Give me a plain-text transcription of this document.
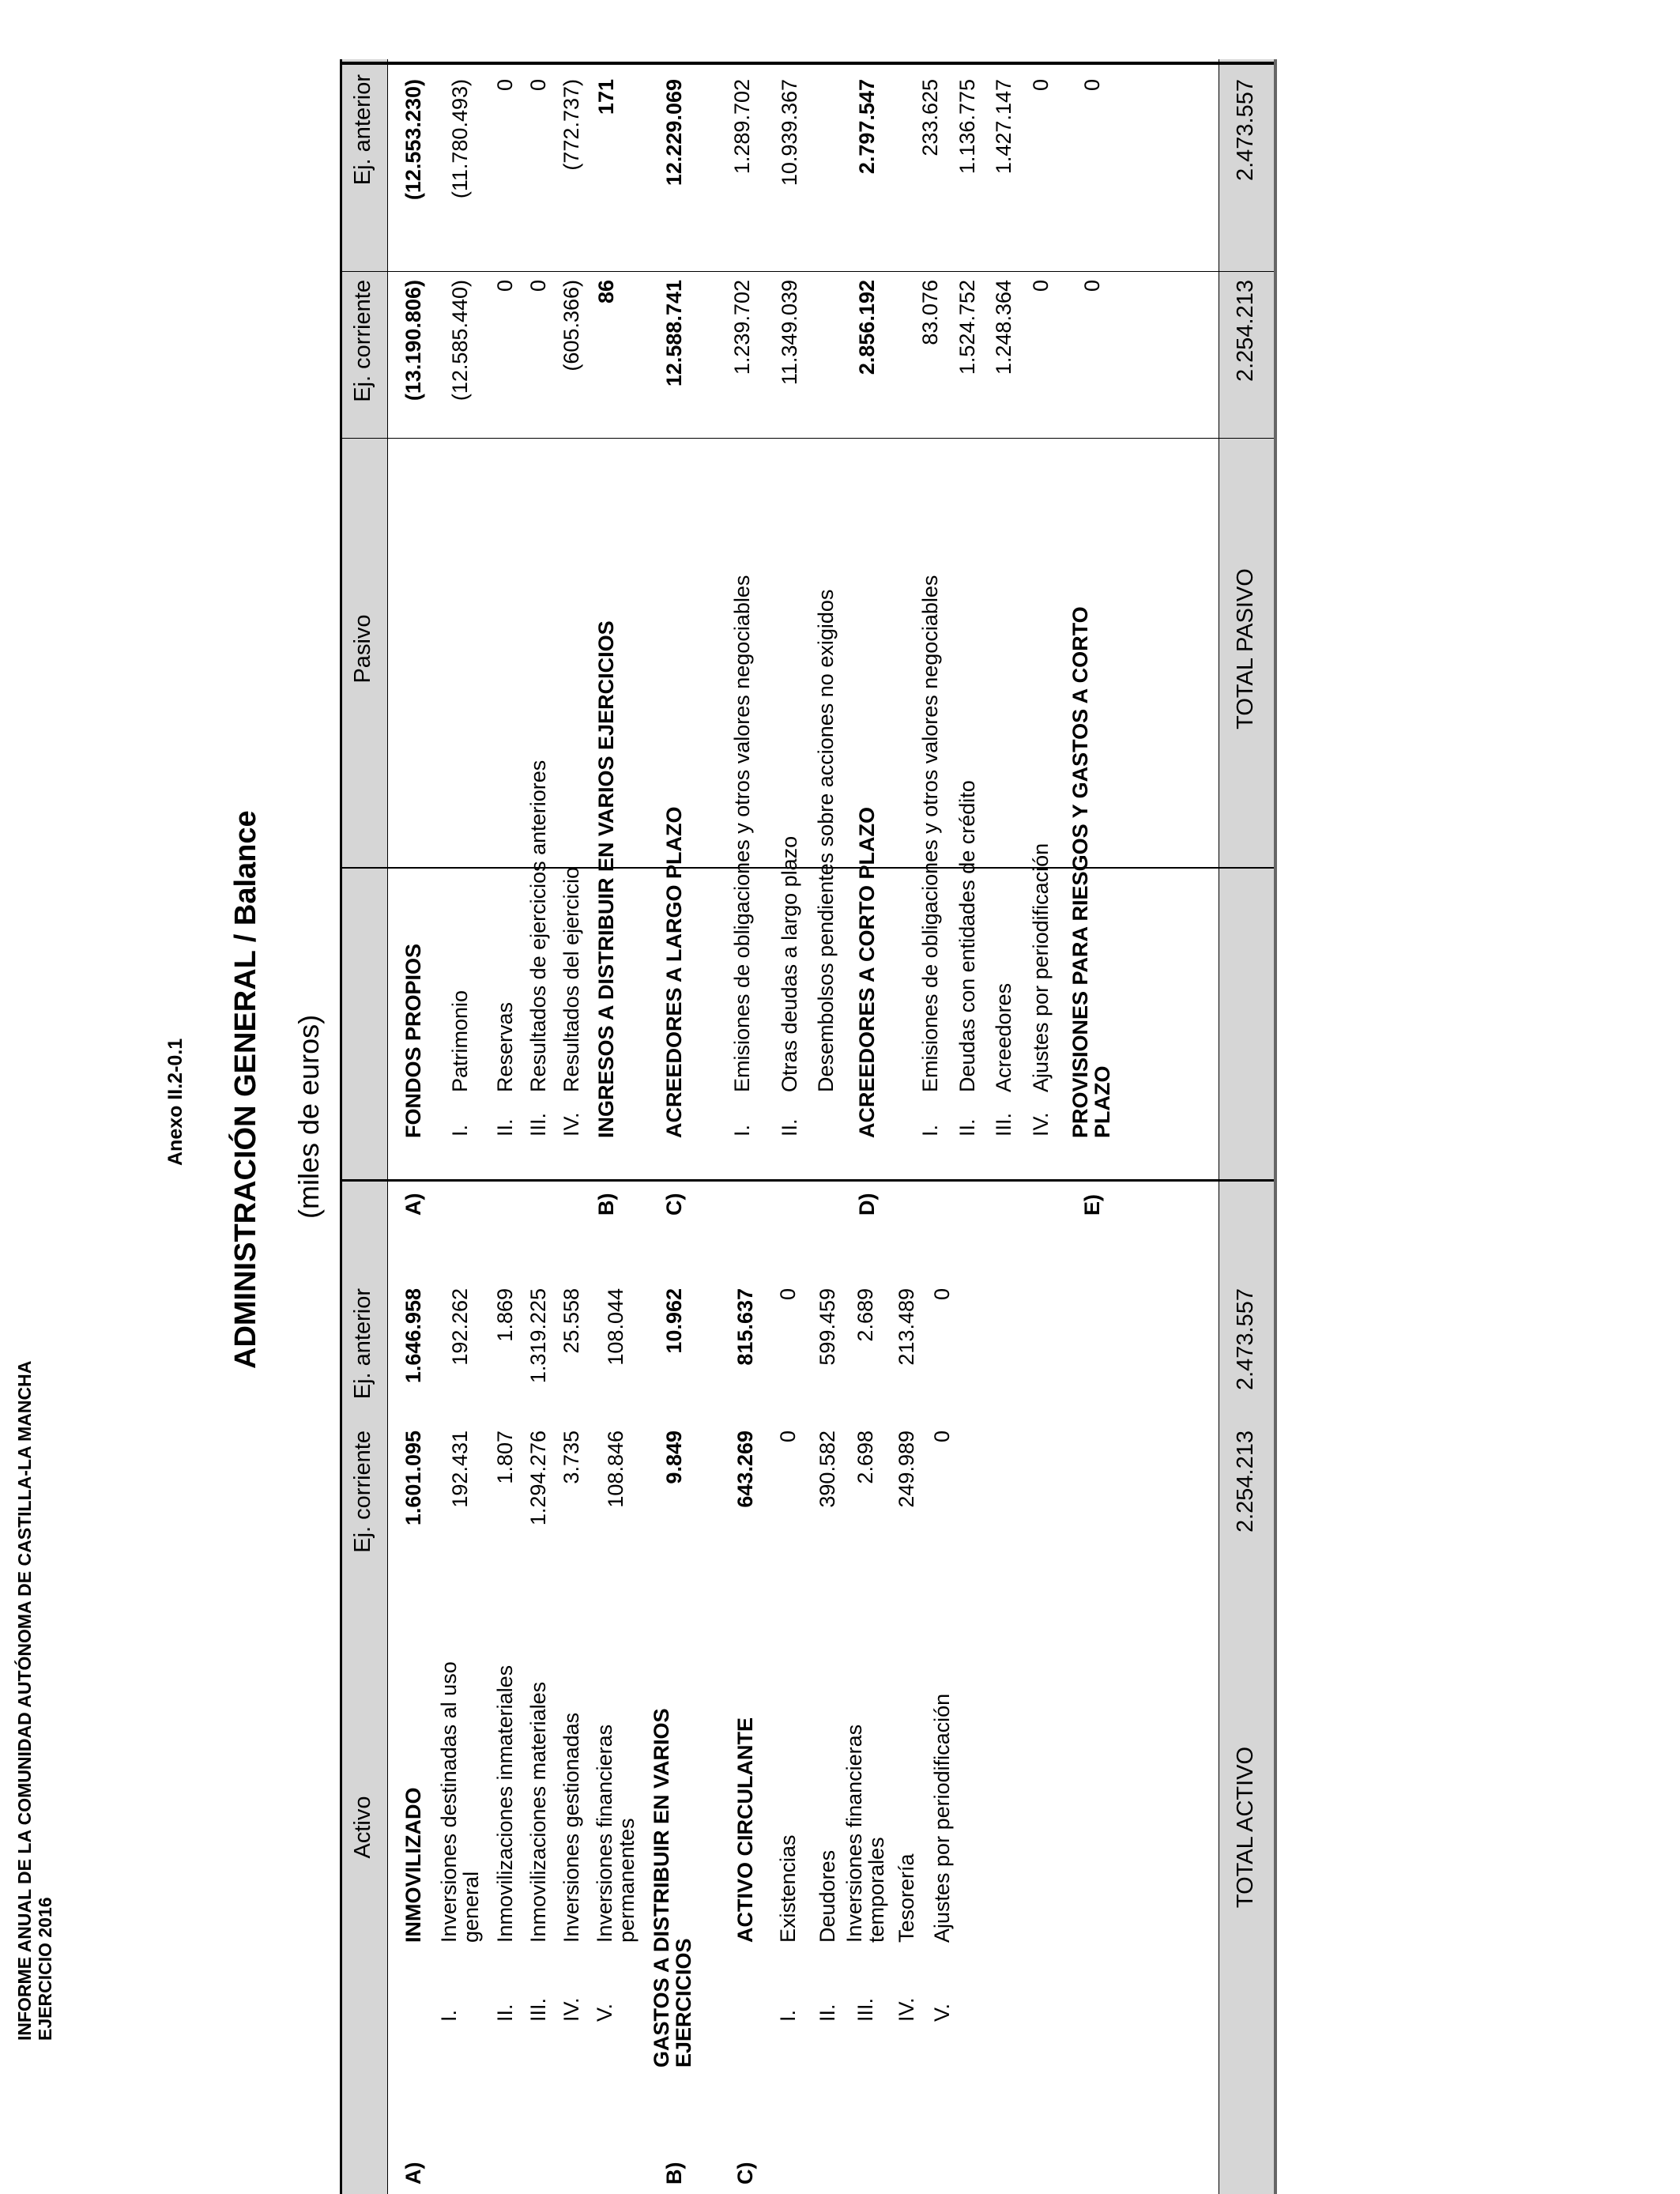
INFORME ANUAL DE LA COMUNIDAD AUTÓNOMA DE CASTILLA-LA MANCHA EJERCICIO 2016
Anexo II.2-0.1 ADMINISTRACIÓN GENERAL / Balance (miles de euros)
Activo
Ej. corriente
Ej. anterior
Pasivo
Ej. corriente
Ej. anterior
A)
INMOVILIZADO
1.601.095
1.646.958
I.
Inversiones destinadas al uso
general
192.431
192.262
II.
Inmovilizaciones inmateriales
1.807
1.869
III.
Inmovilizaciones materiales
1.294.276
1.319.225
IV.
Inversiones gestionadas
3.735
25.558
V.
Inversiones financieras
permanentes
108.846
108.044
B)
GASTOS A DISTRIBUIR EN VARIOS
EJERCICIOS
9.849
10.962
C)
ACTIVO CIRCULANTE
643.269
815.637
I.
Existencias
0
0
II.
Deudores
390.582
599.459
III.
Inversiones financieras
temporales
2.698
2.689
IV.
Tesorería
249.989
213.489
V.
Ajustes por periodificación
0
0
TOTAL ACTIVO
2.254.213
2.473.557
A)
FONDOS PROPIOS
(13.190.806)
(12.553.230)
I.
Patrimonio
(12.585.440)
(11.780.493)
II.
Reservas
0
0
III.
Resultados de ejercicios anteriores
0
0
IV.
Resultados del ejercicio
(605.366)
(772.737)
B)
INGRESOS A DISTRIBUIR EN VARIOS EJERCICIOS
86
171
C)
ACREEDORES A LARGO PLAZO
12.588.741
12.229.069
I.
Emisiones de obligaciones y otros valores negociables
1.239.702
1.289.702
II.
Otras deudas a largo plazo
11.349.039
10.939.367
Desembolsos pendientes sobre acciones no exigidos
D)
ACREEDORES A CORTO PLAZO
2.856.192
2.797.547
I.
Emisiones de obligaciones y otros valores negociables
83.076
233.625
II.
Deudas con entidades de crédito
1.524.752
1.136.775
III.
Acreedores
1.248.364
1.427.147
IV.
Ajustes por periodificación
0
0
E)
PROVISIONES PARA RIESGOS Y GASTOS A CORTO
PLAZO
0
0
TOTAL PASIVO
2.254.213
2.473.557
